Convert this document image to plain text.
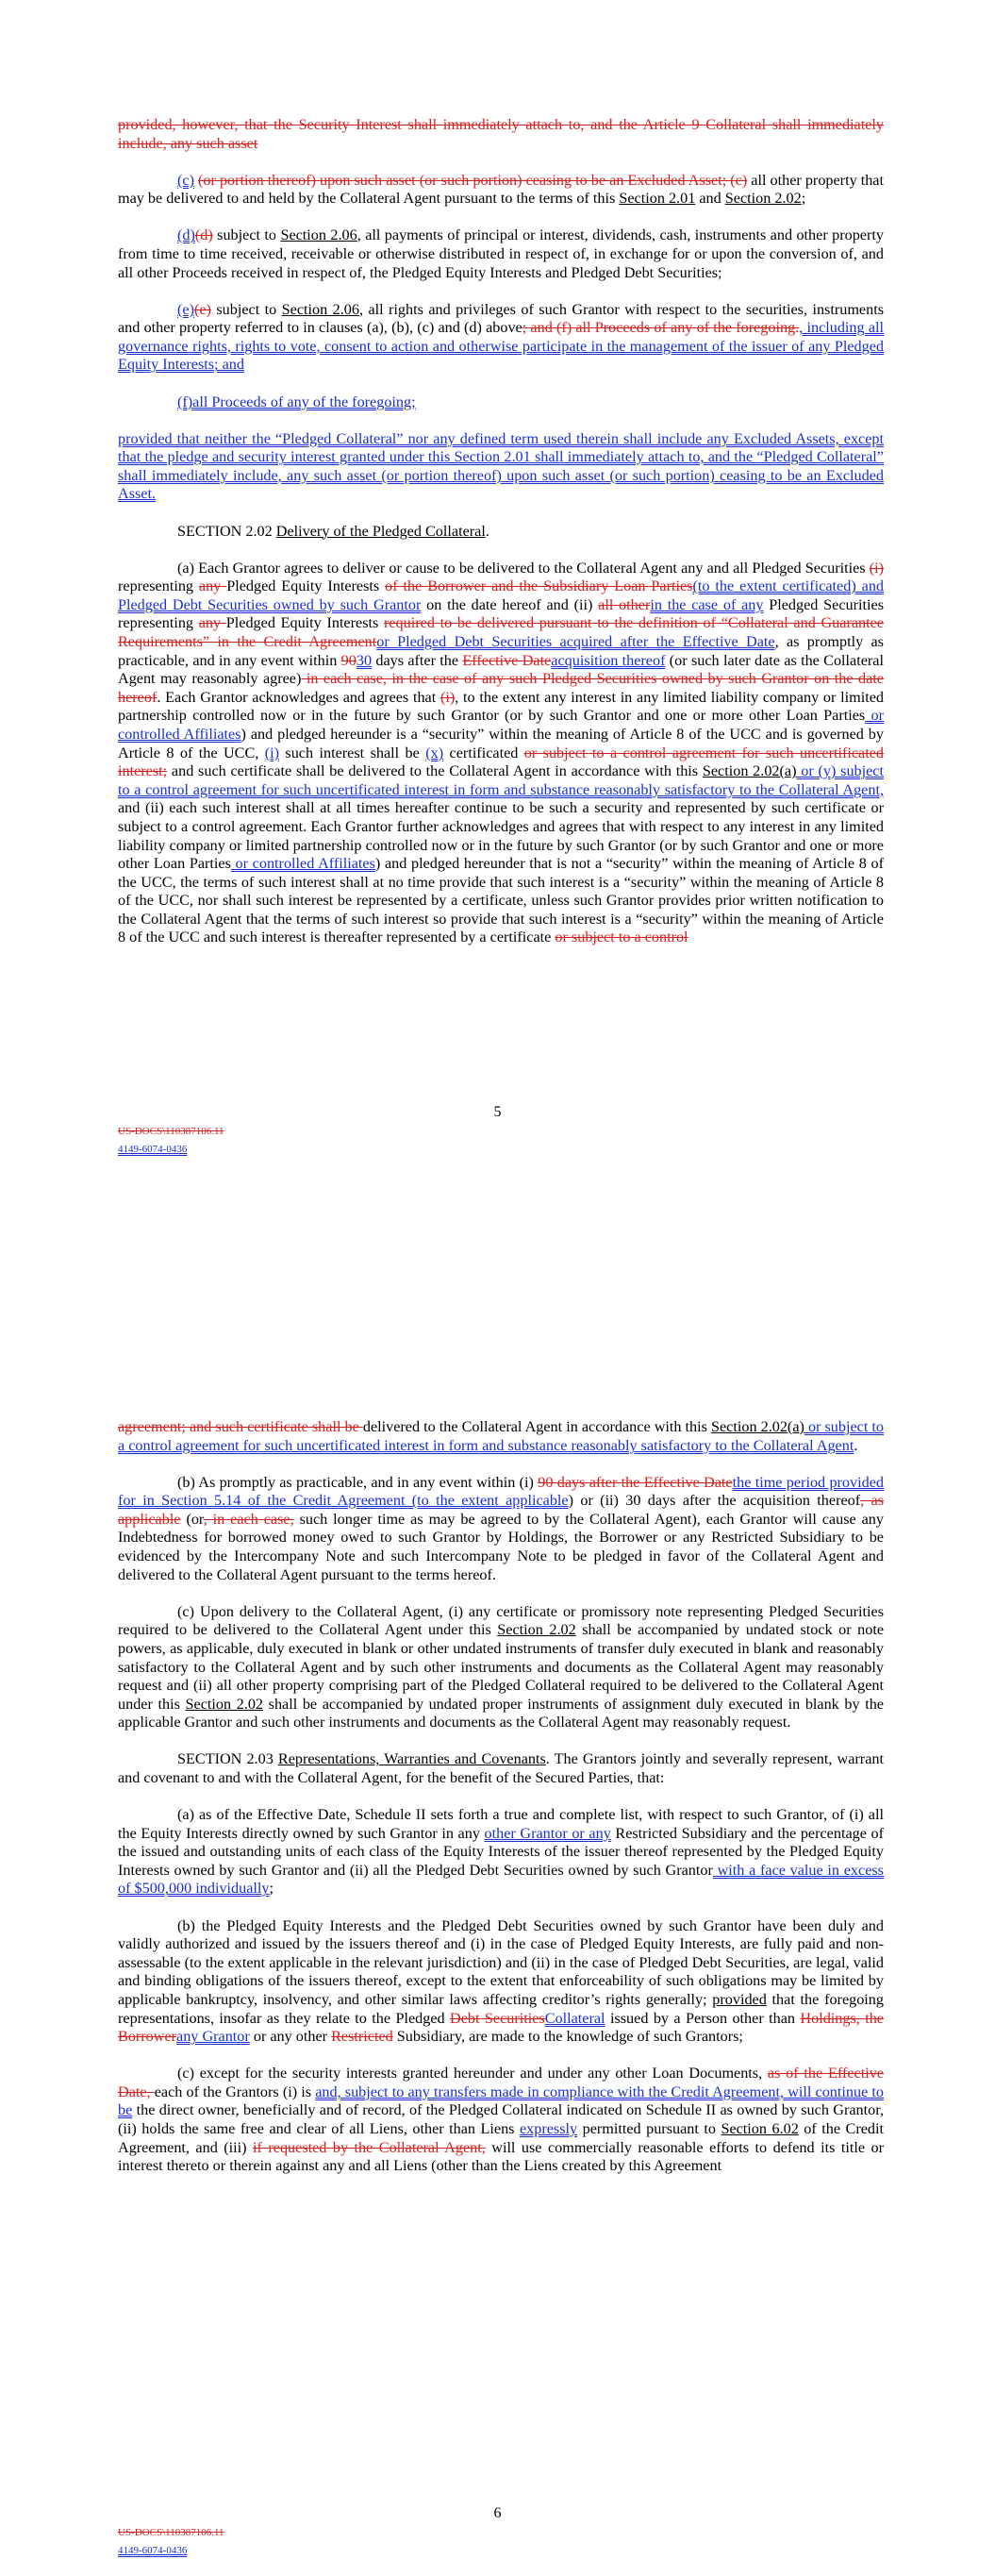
provided, however, that the Security Interest shall immediately attach to, and the Article 9 Collateral shall immediately include, any such asset

(c) (or portion thereof) upon such asset (or such portion) ceasing to be an Excluded Asset; (c) all other property that may be delivered to and held by the Collateral Agent pursuant to the terms of this Section 2.01 and Section 2.02;

(d)(d) subject to Section 2.06, all payments of principal or interest, dividends, cash, instruments and other property from time to time received, receivable or otherwise distributed in respect of, in exchange for or upon the conversion of, and all other Proceeds received in respect of, the Pledged Equity Interests and Pledged Debt Securities;

(e)(e) subject to Section 2.06, all rights and privileges of such Grantor with respect to the securities, instruments and other property referred to in clauses (a), (b), (c) and (d) above; and (f) all Proceeds of any of the foregoing., including all governance rights, rights to vote, consent to action and otherwise participate in the management of the issuer of any Pledged Equity Interests; and

(f)all Proceeds of any of the foregoing;

provided that neither the “Pledged Collateral” nor any defined term used therein shall include any Excluded Assets, except that the pledge and security interest granted under this Section 2.01 shall immediately attach to, and the “Pledged Collateral” shall immediately include, any such asset (or portion thereof) upon such asset (or such portion) ceasing to be an Excluded Asset.

SECTION 2.02 Delivery of the Pledged Collateral.

(a) Each Grantor agrees to deliver or cause to be delivered to the Collateral Agent any and all Pledged Securities (i) representing any Pledged Equity Interests of the Borrower and the Subsidiary Loan Parties(to the extent certificated) and Pledged Debt Securities owned by such Grantor on the date hereof and (ii) all otherin the case of any Pledged Securities representing any Pledged Equity Interests required to be delivered pursuant to the definition of “Collateral and Guarantee Requirements” in the Credit Agreementor Pledged Debt Securities acquired after the Effective Date, as promptly as practicable, and in any event within 9030 days after the Effective Dateacquisition thereof (or such later date as the Collateral Agent may reasonably agree) in each case, in the case of any such Pledged Securities owned by such Grantor on the date hereof. Each Grantor acknowledges and agrees that (i), to the extent any interest in any limited liability company or limited partnership controlled now or in the future by such Grantor (or by such Grantor and one or more other Loan Parties or controlled Affiliates) and pledged hereunder is a “security” within the meaning of Article 8 of the UCC and is governed by Article 8 of the UCC, (i) such interest shall be (x) certificated or subject to a control agreement for such uncertificated interest; and such certificate shall be delivered to the Collateral Agent in accordance with this Section 2.02(a) or (y) subject to a control agreement for such uncertificated interest in form and substance reasonably satisfactory to the Collateral Agent, and (ii) each such interest shall at all times hereafter continue to be such a security and represented by such certificate or subject to a control agreement. Each Grantor further acknowledges and agrees that with respect to any interest in any limited liability company or limited partnership controlled now or in the future by such Grantor (or by such Grantor and one or more other Loan Parties or controlled Affiliates) and pledged hereunder that is not a “security” within the meaning of Article 8 of the UCC, the terms of such interest shall at no time provide that such interest is a “security” within the meaning of Article 8 of the UCC, nor shall such interest be represented by a certificate, unless such Grantor provides prior written notification to the Collateral Agent that the terms of such interest so provide that such interest is a “security” within the meaning of Article 8 of the UCC and such interest is thereafter represented by a certificate or subject to a control

5
US-DOCS\110387106.11
4149-6074-0436

agreement; and such certificate shall be delivered to the Collateral Agent in accordance with this Section 2.02(a) or subject to a control agreement for such uncertificated interest in form and substance reasonably satisfactory to the Collateral Agent.

(b) As promptly as practicable, and in any event within (i) 90 days after the Effective Datethe time period provided for in Section 5.14 of the Credit Agreement (to the extent applicable) or (ii) 30 days after the acquisition thereof, as applicable (or, in each case, such longer time as may be agreed to by the Collateral Agent), each Grantor will cause any Indebtedness for borrowed money owed to such Grantor by Holdings, the Borrower or any Restricted Subsidiary to be evidenced by the Intercompany Note and such Intercompany Note to be pledged in favor of the Collateral Agent and delivered to the Collateral Agent pursuant to the terms hereof.

(c) Upon delivery to the Collateral Agent, (i) any certificate or promissory note representing Pledged Securities required to be delivered to the Collateral Agent under this Section 2.02 shall be accompanied by undated stock or note powers, as applicable, duly executed in blank or other undated instruments of transfer duly executed in blank and reasonably satisfactory to the Collateral Agent and by such other instruments and documents as the Collateral Agent may reasonably request and (ii) all other property comprising part of the Pledged Collateral required to be delivered to the Collateral Agent under this Section 2.02 shall be accompanied by undated proper instruments of assignment duly executed in blank by the applicable Grantor and such other instruments and documents as the Collateral Agent may reasonably request.

SECTION 2.03 Representations, Warranties and Covenants. The Grantors jointly and severally represent, warrant and covenant to and with the Collateral Agent, for the benefit of the Secured Parties, that:

(a) as of the Effective Date, Schedule II sets forth a true and complete list, with respect to such Grantor, of (i) all the Equity Interests directly owned by such Grantor in any other Grantor or any Restricted Subsidiary and the percentage of the issued and outstanding units of each class of the Equity Interests of the issuer thereof represented by the Pledged Equity Interests owned by such Grantor and (ii) all the Pledged Debt Securities owned by such Grantor with a face value in excess of $500,000 individually;

(b) the Pledged Equity Interests and the Pledged Debt Securities owned by such Grantor have been duly and validly authorized and issued by the issuers thereof and (i) in the case of Pledged Equity Interests, are fully paid and non-assessable (to the extent applicable in the relevant jurisdiction) and (ii) in the case of Pledged Debt Securities, are legal, valid and binding obligations of the issuers thereof, except to the extent that enforceability of such obligations may be limited by applicable bankruptcy, insolvency, and other similar laws affecting creditor’s rights generally; provided that the foregoing representations, insofar as they relate to the Pledged Debt SecuritiesCollateral issued by a Person other than Holdings, the Borrowerany Grantor or any other Restricted Subsidiary, are made to the knowledge of such Grantors;

(c) except for the security interests granted hereunder and under any other Loan Documents, as of the Effective Date, each of the Grantors (i) is and, subject to any transfers made in compliance with the Credit Agreement, will continue to be the direct owner, beneficially and of record, of the Pledged Collateral indicated on Schedule II as owned by such Grantor, (ii) holds the same free and clear of all Liens, other than Liens expressly permitted pursuant to Section 6.02 of the Credit Agreement, and (iii) if requested by the Collateral Agent, will use commercially reasonable efforts to defend its title or interest thereto or therein against any and all Liens (other than the Liens created by this Agreement

6
US-DOCS\110387106.11
4149-6074-0436
